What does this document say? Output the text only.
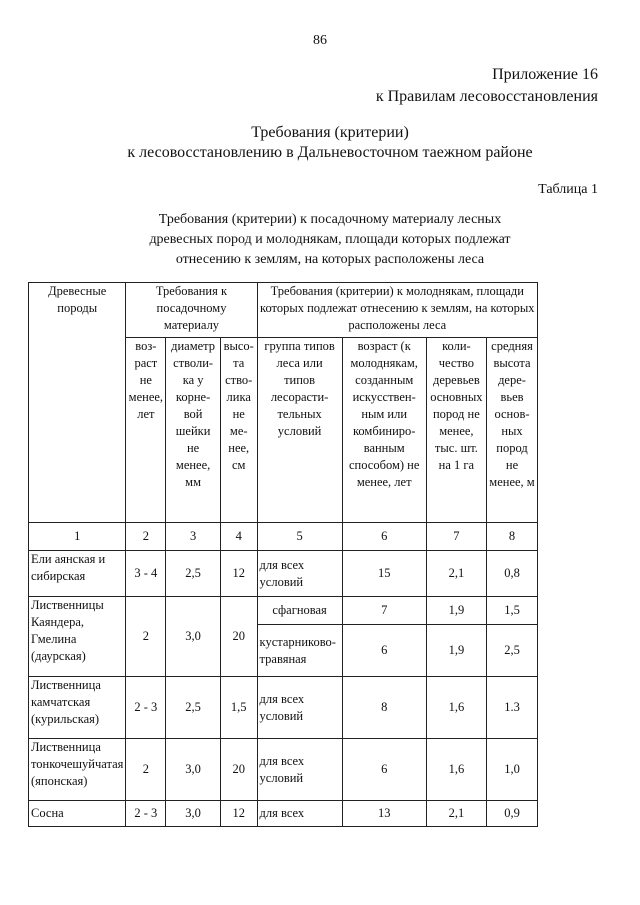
86
Приложение 16
к Правилам лесовосстановления
Требования (критерии)
к лесовосстановлению в Дальневосточном таежном районе
Таблица 1
Требования (критерии) к посадочному материалу лесных
древесных пород и молоднякам, площади которых подлежат
отнесению к землям, на которых расположены леса
Древесные породы	Требования к посадочному материалу			Требования (критерии) к молоднякам, площади которых подлежат отнесению к землям, на которых расположены леса			
	воз-раст не менее, лет	диаметр стволи-ка у корне-вой шейки не менее, мм	высо-та ство-лика не ме-нее, см	группа типов леса или типов лесорасти-тельных условий	возраст (к молоднякам, созданным искусствен-ным или комбиниро-ванным способом) не менее, лет	коли-чество деревьев основных пород не менее, тыс. шт. на 1 га	средняя высота дере-вьев основ-ных пород не менее, м
1	2	3	4	5	6	7	8
Ели аянская и сибирская	3 - 4	2,5	12	для всех условий	15	2,1	0,8
Лиственницы Каяндера, Гмелина (даурская)	2	3,0	20	сфагновая	7	1,9	1,5
				кустарниково-травяная	6	1,9	2,5
Лиственница камчатская (курильская)	2 - 3	2,5	1,5	для всех условий	8	1,6	1.3
Лиственница тонкочешуйчатая (японская)	2	3,0	20	для всех условий	6	1,6	1,0
Сосна	2 - 3	3,0	12	для всех	13	2,1	0,9
